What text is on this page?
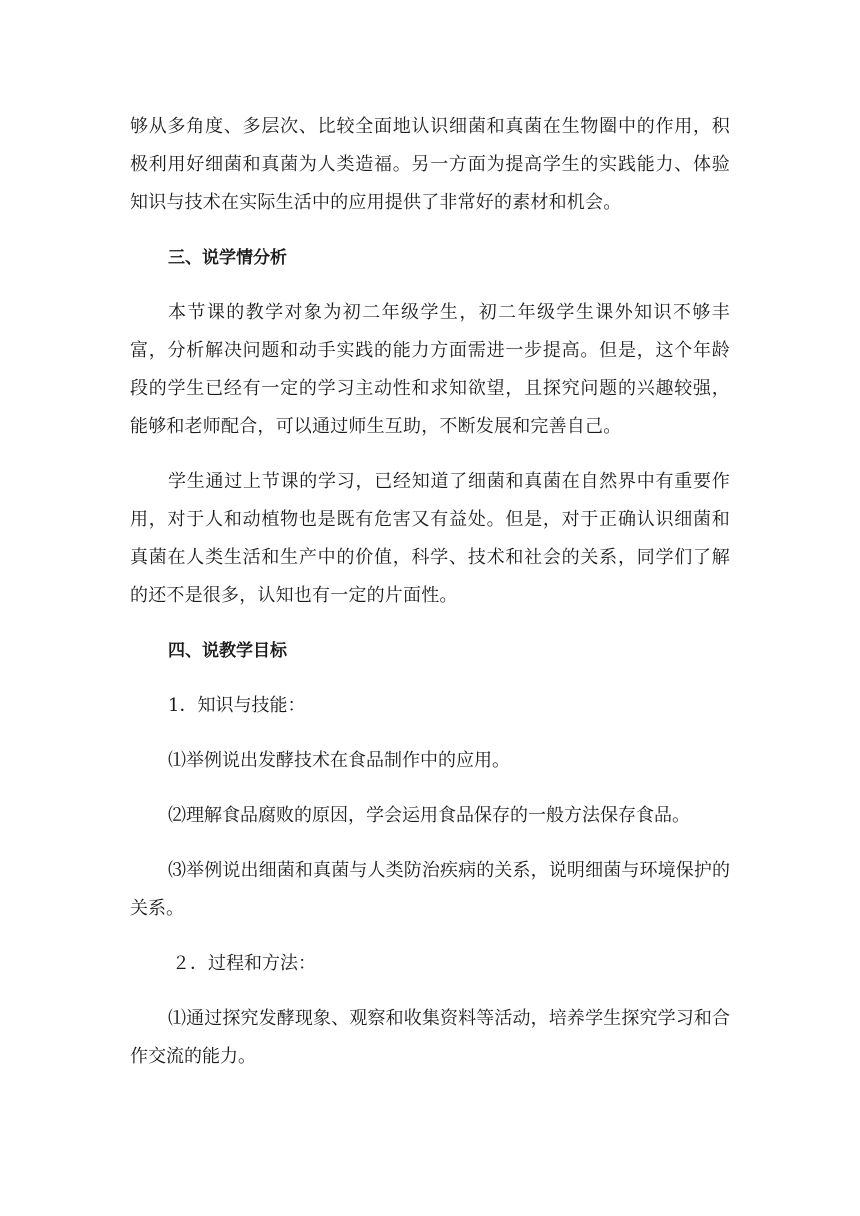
够从多角度、多层次、比较全面地认识细菌和真菌在生物圈中的作用，积极利用好细菌和真菌为人类造福。另一方面为提高学生的实践能力、体验知识与技术在实际生活中的应用提供了非常好的素材和机会。

三、说学情分析

本节课的教学对象为初二年级学生，初二年级学生课外知识不够丰富，分析解决问题和动手实践的能力方面需进一步提高。但是，这个年龄段的学生已经有一定的学习主动性和求知欲望，且探究问题的兴趣较强，能够和老师配合，可以通过师生互助，不断发展和完善自己。

学生通过上节课的学习，已经知道了细菌和真菌在自然界中有重要作用，对于人和动植物也是既有危害又有益处。但是，对于正确认识细菌和真菌在人类生活和生产中的价值，科学、技术和社会的关系，同学们了解的还不是很多，认知也有一定的片面性。

四、说教学目标

1．知识与技能：

⑴举例说出发酵技术在食品制作中的应用。

⑵理解食品腐败的原因，学会运用食品保存的一般方法保存食品。

⑶举例说出细菌和真菌与人类防治疾病的关系，说明细菌与环境保护的关系。

２．过程和方法：

⑴通过探究发酵现象、观察和收集资料等活动，培养学生探究学习和合作交流的能力。
